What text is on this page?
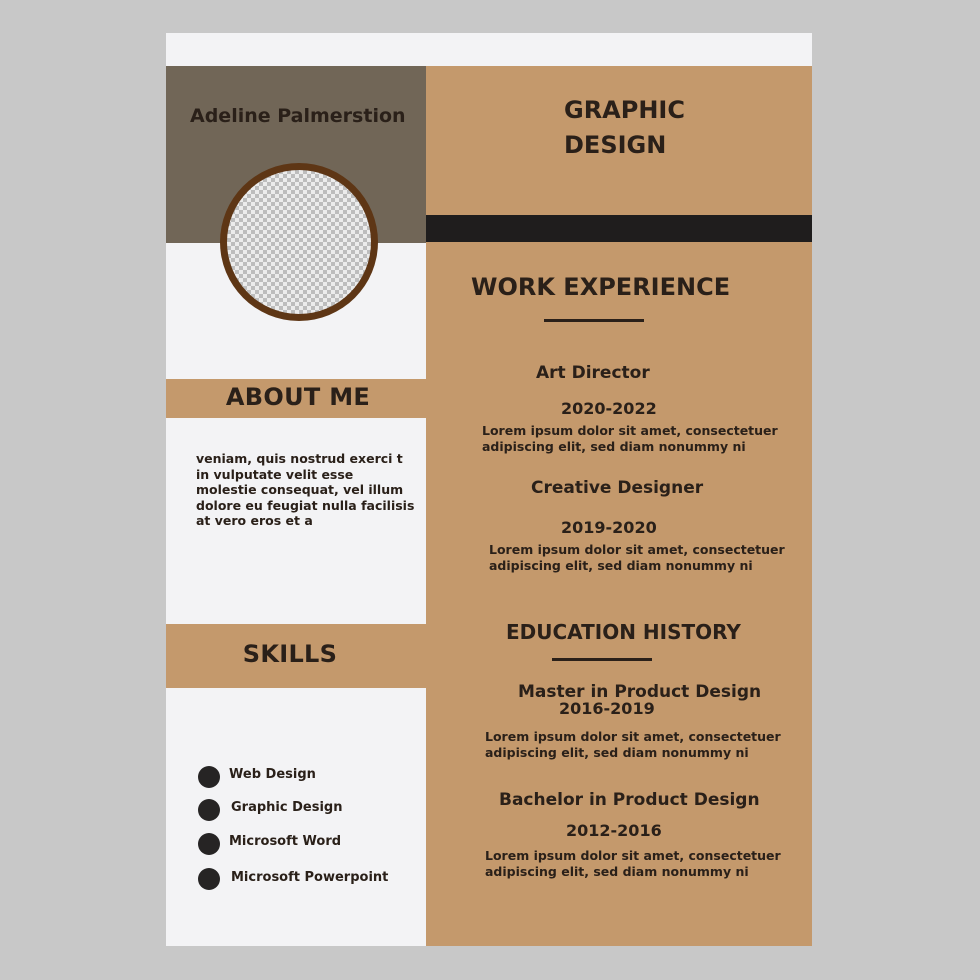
Adeline Palmerstion	GRAPHIC
DESIGN
ABOUT ME
veniam, quis nostrud exerci t in vulputate velit esse molestie consequat, vel illum dolore eu feugiat nulla facilisis at vero eros et a
SKILLS
Web Design
Graphic Design
Microsoft Word
Microsoft Powerpoint
WORK EXPERIENCE
Art Director
2020-2022
Lorem ipsum dolor sit amet, consectetuer adipiscing elit, sed diam nonummy ni
Creative Designer
2019-2020
Lorem ipsum dolor sit amet, consectetuer adipiscing elit, sed diam nonummy ni
EDUCATION HISTORY
Master in Product Design
2016-2019
Lorem ipsum dolor sit amet, consectetuer adipiscing elit, sed diam nonummy ni
Bachelor in Product Design
2012-2016
Lorem ipsum dolor sit amet, consectetuer adipiscing elit, sed diam nonummy ni
